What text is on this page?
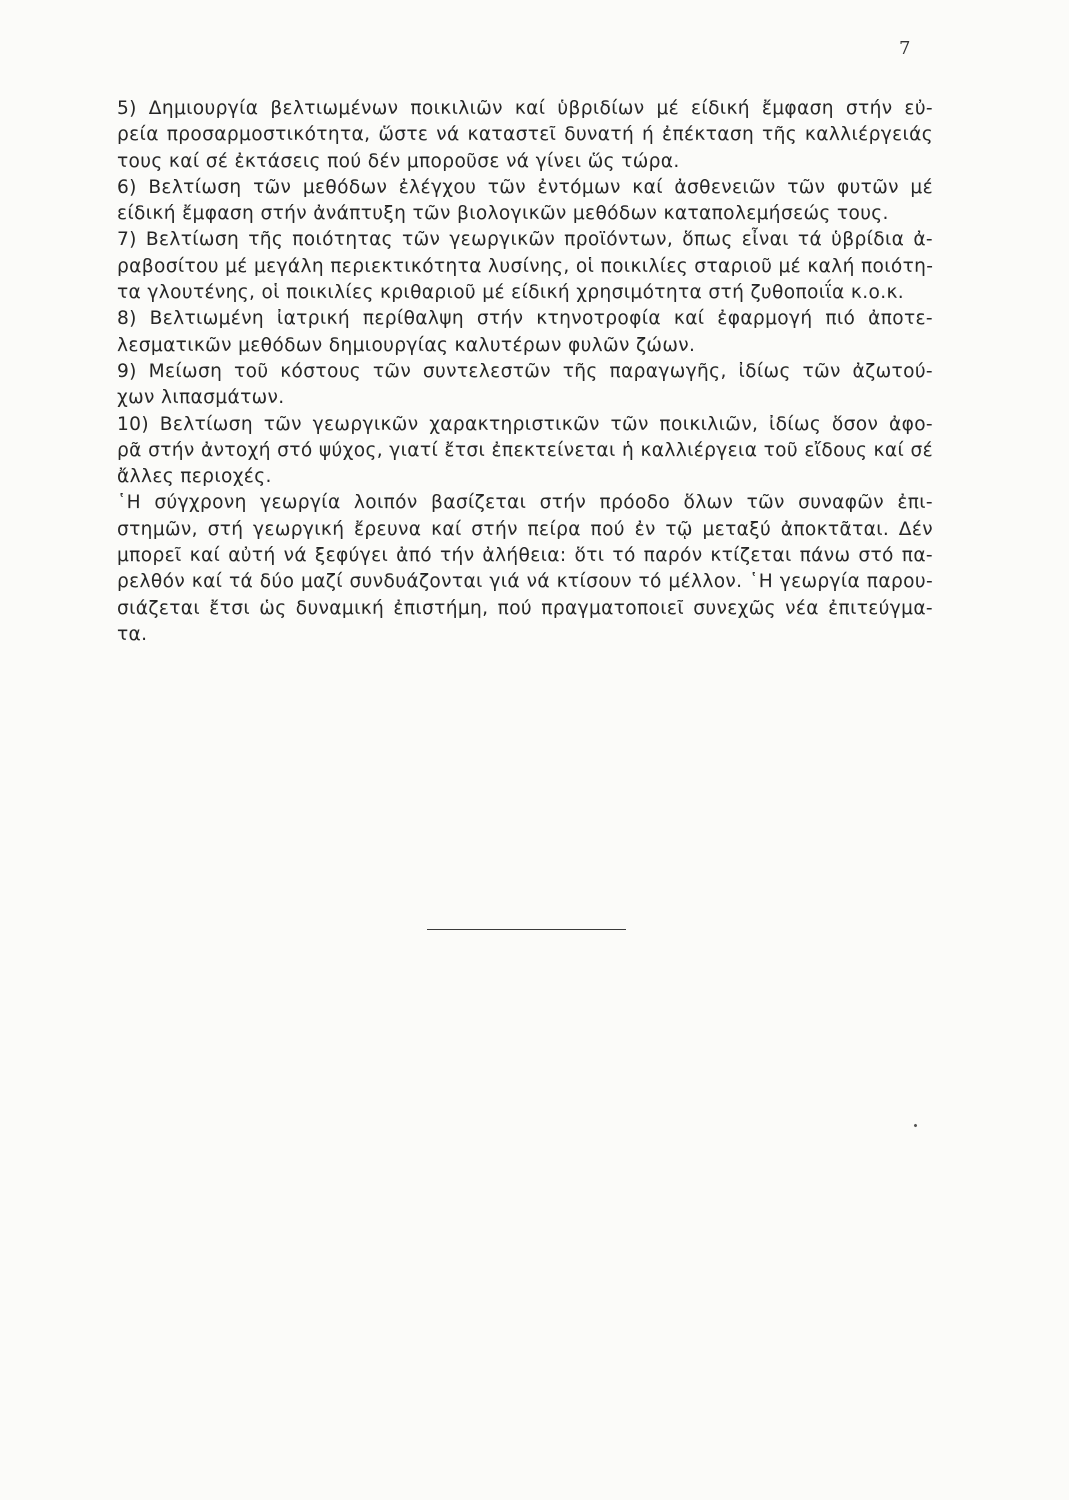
7

5) Δημιουργία βελτιωμένων ποικιλιῶν καί ὑβριδίων μέ είδική ἔμφαση στήν εὐ-
ρεία προσαρμοστικότητα, ὥστε νά καταστεῖ δυνατή ή ἐπέκταση τῆς καλλιέργειάς
τους καί σέ ἐκτάσεις πού δέν μποροῦσε νά γίνει ὥς τώρα.

6) Βελτίωση τῶν μεθόδων ἐλέγχου τῶν ἐντόμων καί ἀσθενειῶν τῶν φυτῶν μέ
είδική ἔμφαση στήν ἀνάπτυξη τῶν βιολογικῶν μεθόδων καταπολεμήσεώς τους.

7) Βελτίωση τῆς ποιότητας τῶν γεωργικῶν προϊόντων, ὅπως εἶναι τά ὑβρίδια ἀ-
ραβοσίτου μέ μεγάλη περιεκτικότητα λυσίνης, οἱ ποικιλίες σταριοῦ μέ καλή ποιότη-
τα γλουτένης, οἱ ποικιλίες κριθαριοῦ μέ είδική χρησιμότητα στή ζυθοποιΐα κ.ο.κ.

8) Βελτιωμένη ἰατρική περίθαλψη στήν κτηνοτροφία καί ἐφαρμογή πιό ἀποτε-
λεσματικῶν μεθόδων δημιουργίας καλυτέρων φυλῶν ζώων.

9) Μείωση τοῦ κόστους τῶν συντελεστῶν τῆς παραγωγῆς, ἰδίως τῶν ἀζωτού-
χων λιπασμάτων.

10) Βελτίωση τῶν γεωργικῶν χαρακτηριστικῶν τῶν ποικιλιῶν, ἰδίως ὅσον ἀφο-
ρᾶ στήν ἀντοχή στό ψύχος, γιατί ἔτσι ἐπεκτείνεται ἡ καλλιέργεια τοῦ εἴδους καί σέ
ἄλλες περιοχές.

῾Η σύγχρονη γεωργία λοιπόν βασίζεται στήν πρόοδο ὅλων τῶν συναφῶν ἐπι-
στημῶν, στή γεωργική ἔρευνα καί στήν πείρα πού ἐν τῷ μεταξύ ἀποκτᾶται. Δέν
μπορεῖ καί αὐτή νά ξεφύγει ἀπό τήν ἀλήθεια: ὅτι τό παρόν κτίζεται πάνω στό πα-
ρελθόν καί τά δύο μαζί συνδυάζονται γιά νά κτίσουν τό μέλλον. ῾Η γεωργία παρου-
σιάζεται ἔτσι ὡς δυναμική ἐπιστήμη, πού πραγματοποιεῖ συνεχῶς νέα ἐπιτεύγμα-
τα.
